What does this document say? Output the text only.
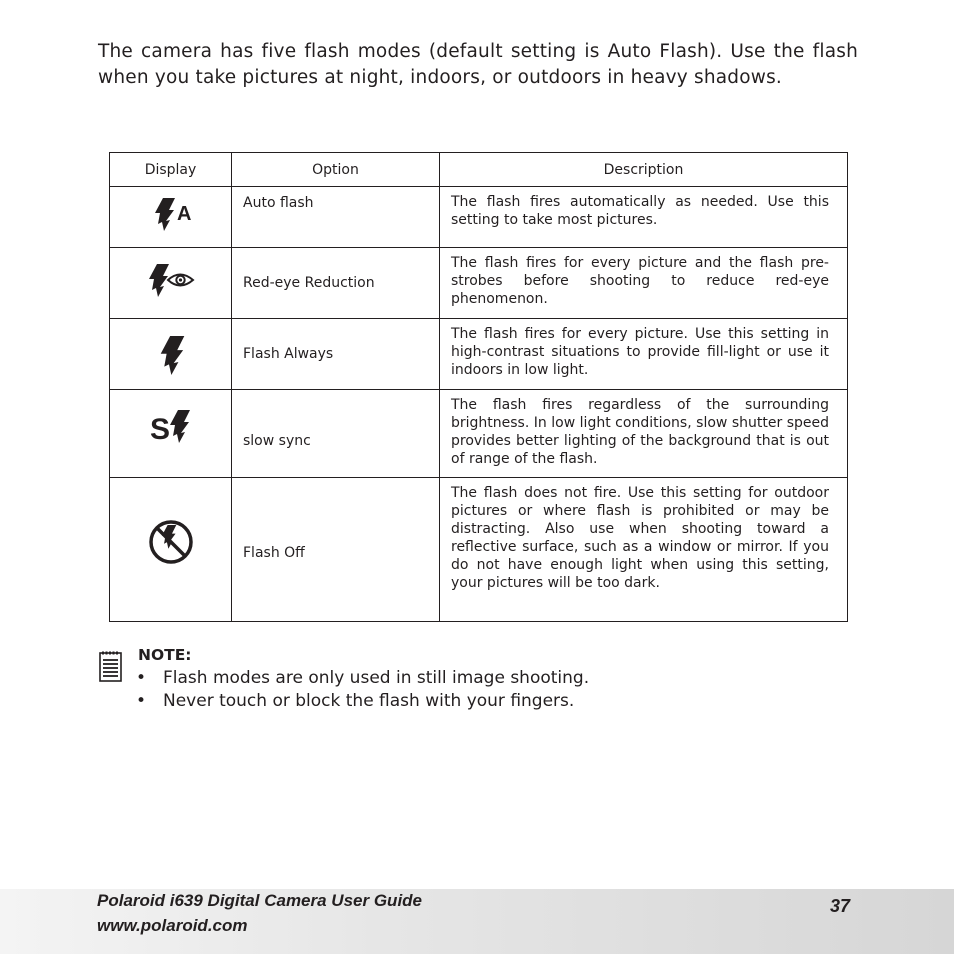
The camera has five flash modes (default setting is Auto Flash). Use the flash when you take pictures at night, indoors, or outdoors in heavy shadows.

Display	Option	Description

A	Auto flash	The flash fires automatically as needed. Use this setting to take most pictures.

	Red-eye Reduction	The flash fires for every picture and the flash pre-strobes before shooting to reduce red-eye phenomenon.

	Flash Always	The flash fires for every picture. Use this setting in high-contrast situations to provide fill-light or use it indoors in low light.

S	slow sync	The flash fires regardless of the surrounding brightness. In low light conditions, slow shutter speed provides better lighting of the background that is out of range of the flash.

	Flash Off	The flash does not fire. Use this setting for outdoor pictures or where flash is prohibited or may be distracting. Also use when shooting toward a reflective surface, such as a window or mirror. If you do not have enough light when using this setting, your pictures will be too dark.

NOTE:

• Flash modes are only used in still image shooting.
• Never touch or block the flash with your fingers.

Polaroid i639 Digital Camera User Guide

www.polaroid.com

37
